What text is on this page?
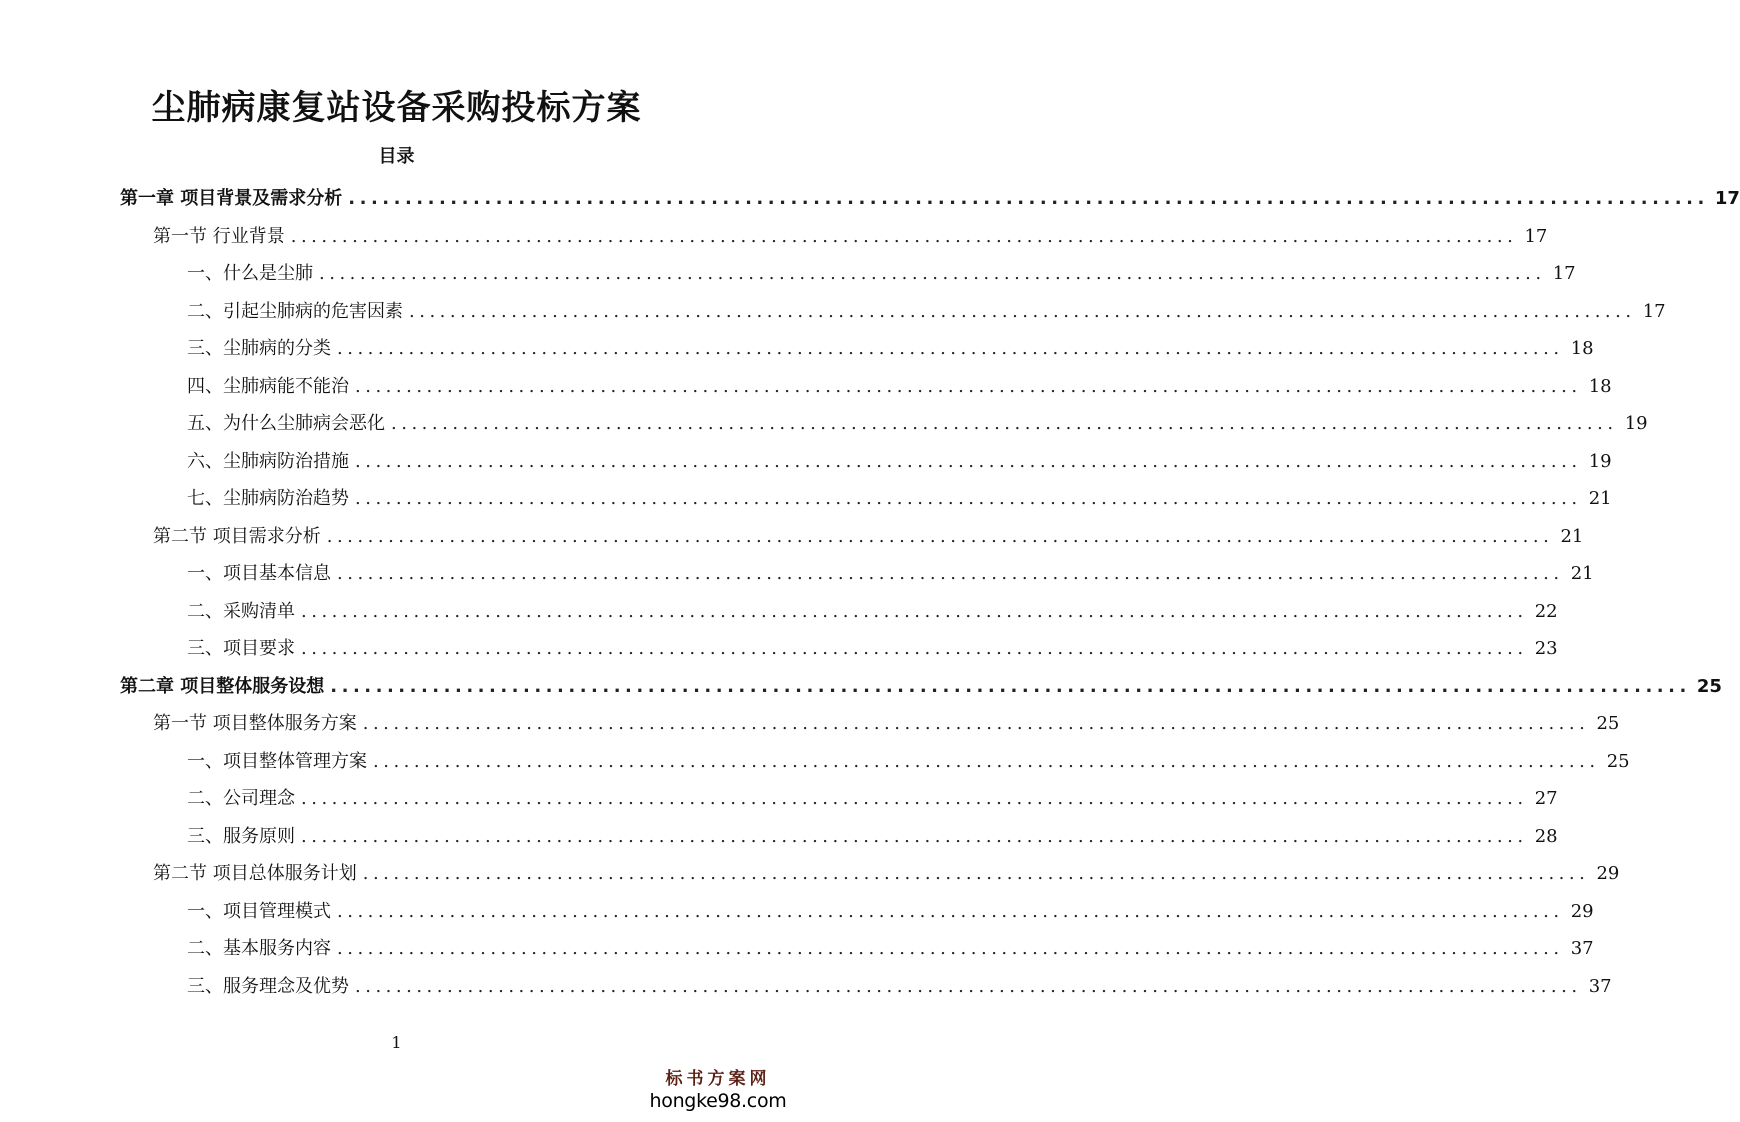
尘肺病康复站设备采购投标方案
目录
第一章 项目背景及需求分析 ........................................................................................................................ 17
第一节 行业背景 ........................................................................................................................ 17
一、什么是尘肺 ........................................................................................................................ 17
二、引起尘肺病的危害因素 ........................................................................................................................ 17
三、尘肺病的分类 ........................................................................................................................ 18
四、尘肺病能不能治 ........................................................................................................................ 18
五、为什么尘肺病会恶化 ........................................................................................................................ 19
六、尘肺病防治措施 ........................................................................................................................ 19
七、尘肺病防治趋势 ........................................................................................................................ 21
第二节 项目需求分析 ........................................................................................................................ 21
一、项目基本信息 ........................................................................................................................ 21
二、采购清单 ........................................................................................................................ 22
三、项目要求 ........................................................................................................................ 23
第二章 项目整体服务设想 ........................................................................................................................ 25
第一节 项目整体服务方案 ........................................................................................................................ 25
一、项目整体管理方案 ........................................................................................................................ 25
二、公司理念 ........................................................................................................................ 27
三、服务原则 ........................................................................................................................ 28
第二节 项目总体服务计划 ........................................................................................................................ 29
一、项目管理模式 ........................................................................................................................ 29
二、基本服务内容 ........................................................................................................................ 37
三、服务理念及优势 ........................................................................................................................ 37
1
标书方案网
hongke98.com
